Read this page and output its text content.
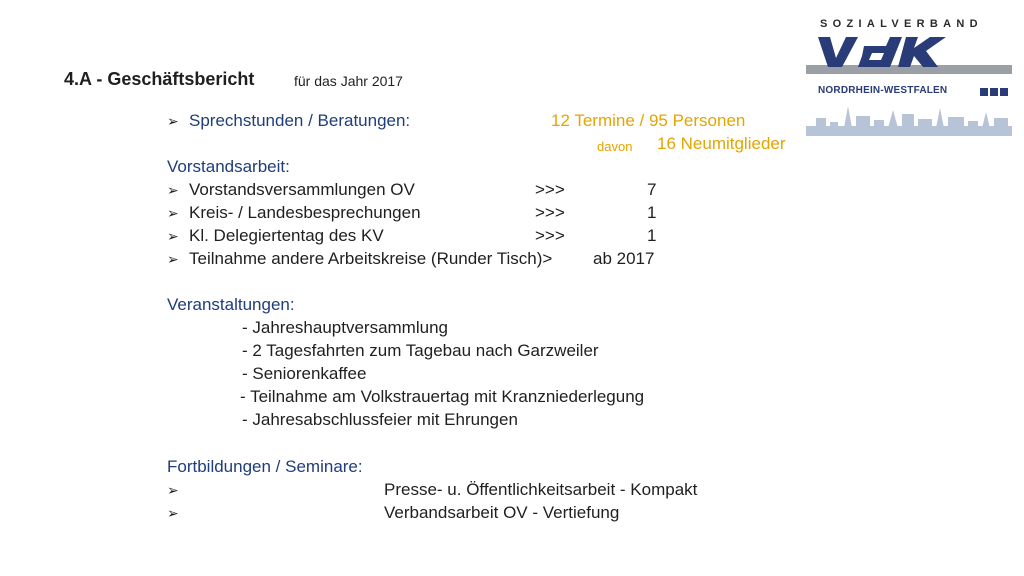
4.A - Geschäftsbericht	für das Jahr 2017
SOZIALVERBAND
NORDRHEIN-WESTFALEN
➢ Sprechstunden / Beratungen:	12 Termine / 95 Personen
davon 16 Neumitglieder
Vorstandsarbeit:
➢ Vorstandsversammlungen OV	>>>	7
➢ Kreis- / Landesbesprechungen	>>>	1
➢ Kl. Delegiertentag des KV	>>>	1
➢ Teilnahme andere Arbeitskreise (Runder Tisch)> ab 2017
Veranstaltungen:
- Jahreshauptversammlung
- 2 Tagesfahrten zum Tagebau nach Garzweiler
- Seniorenkaffee
- Teilnahme am Volkstrauertag mit Kranzniederlegung
- Jahresabschlussfeier mit Ehrungen
Fortbildungen / Seminare:
➢	Presse- u. Öffentlichkeitsarbeit - Kompakt
➢	Verbandsarbeit OV - Vertiefung
